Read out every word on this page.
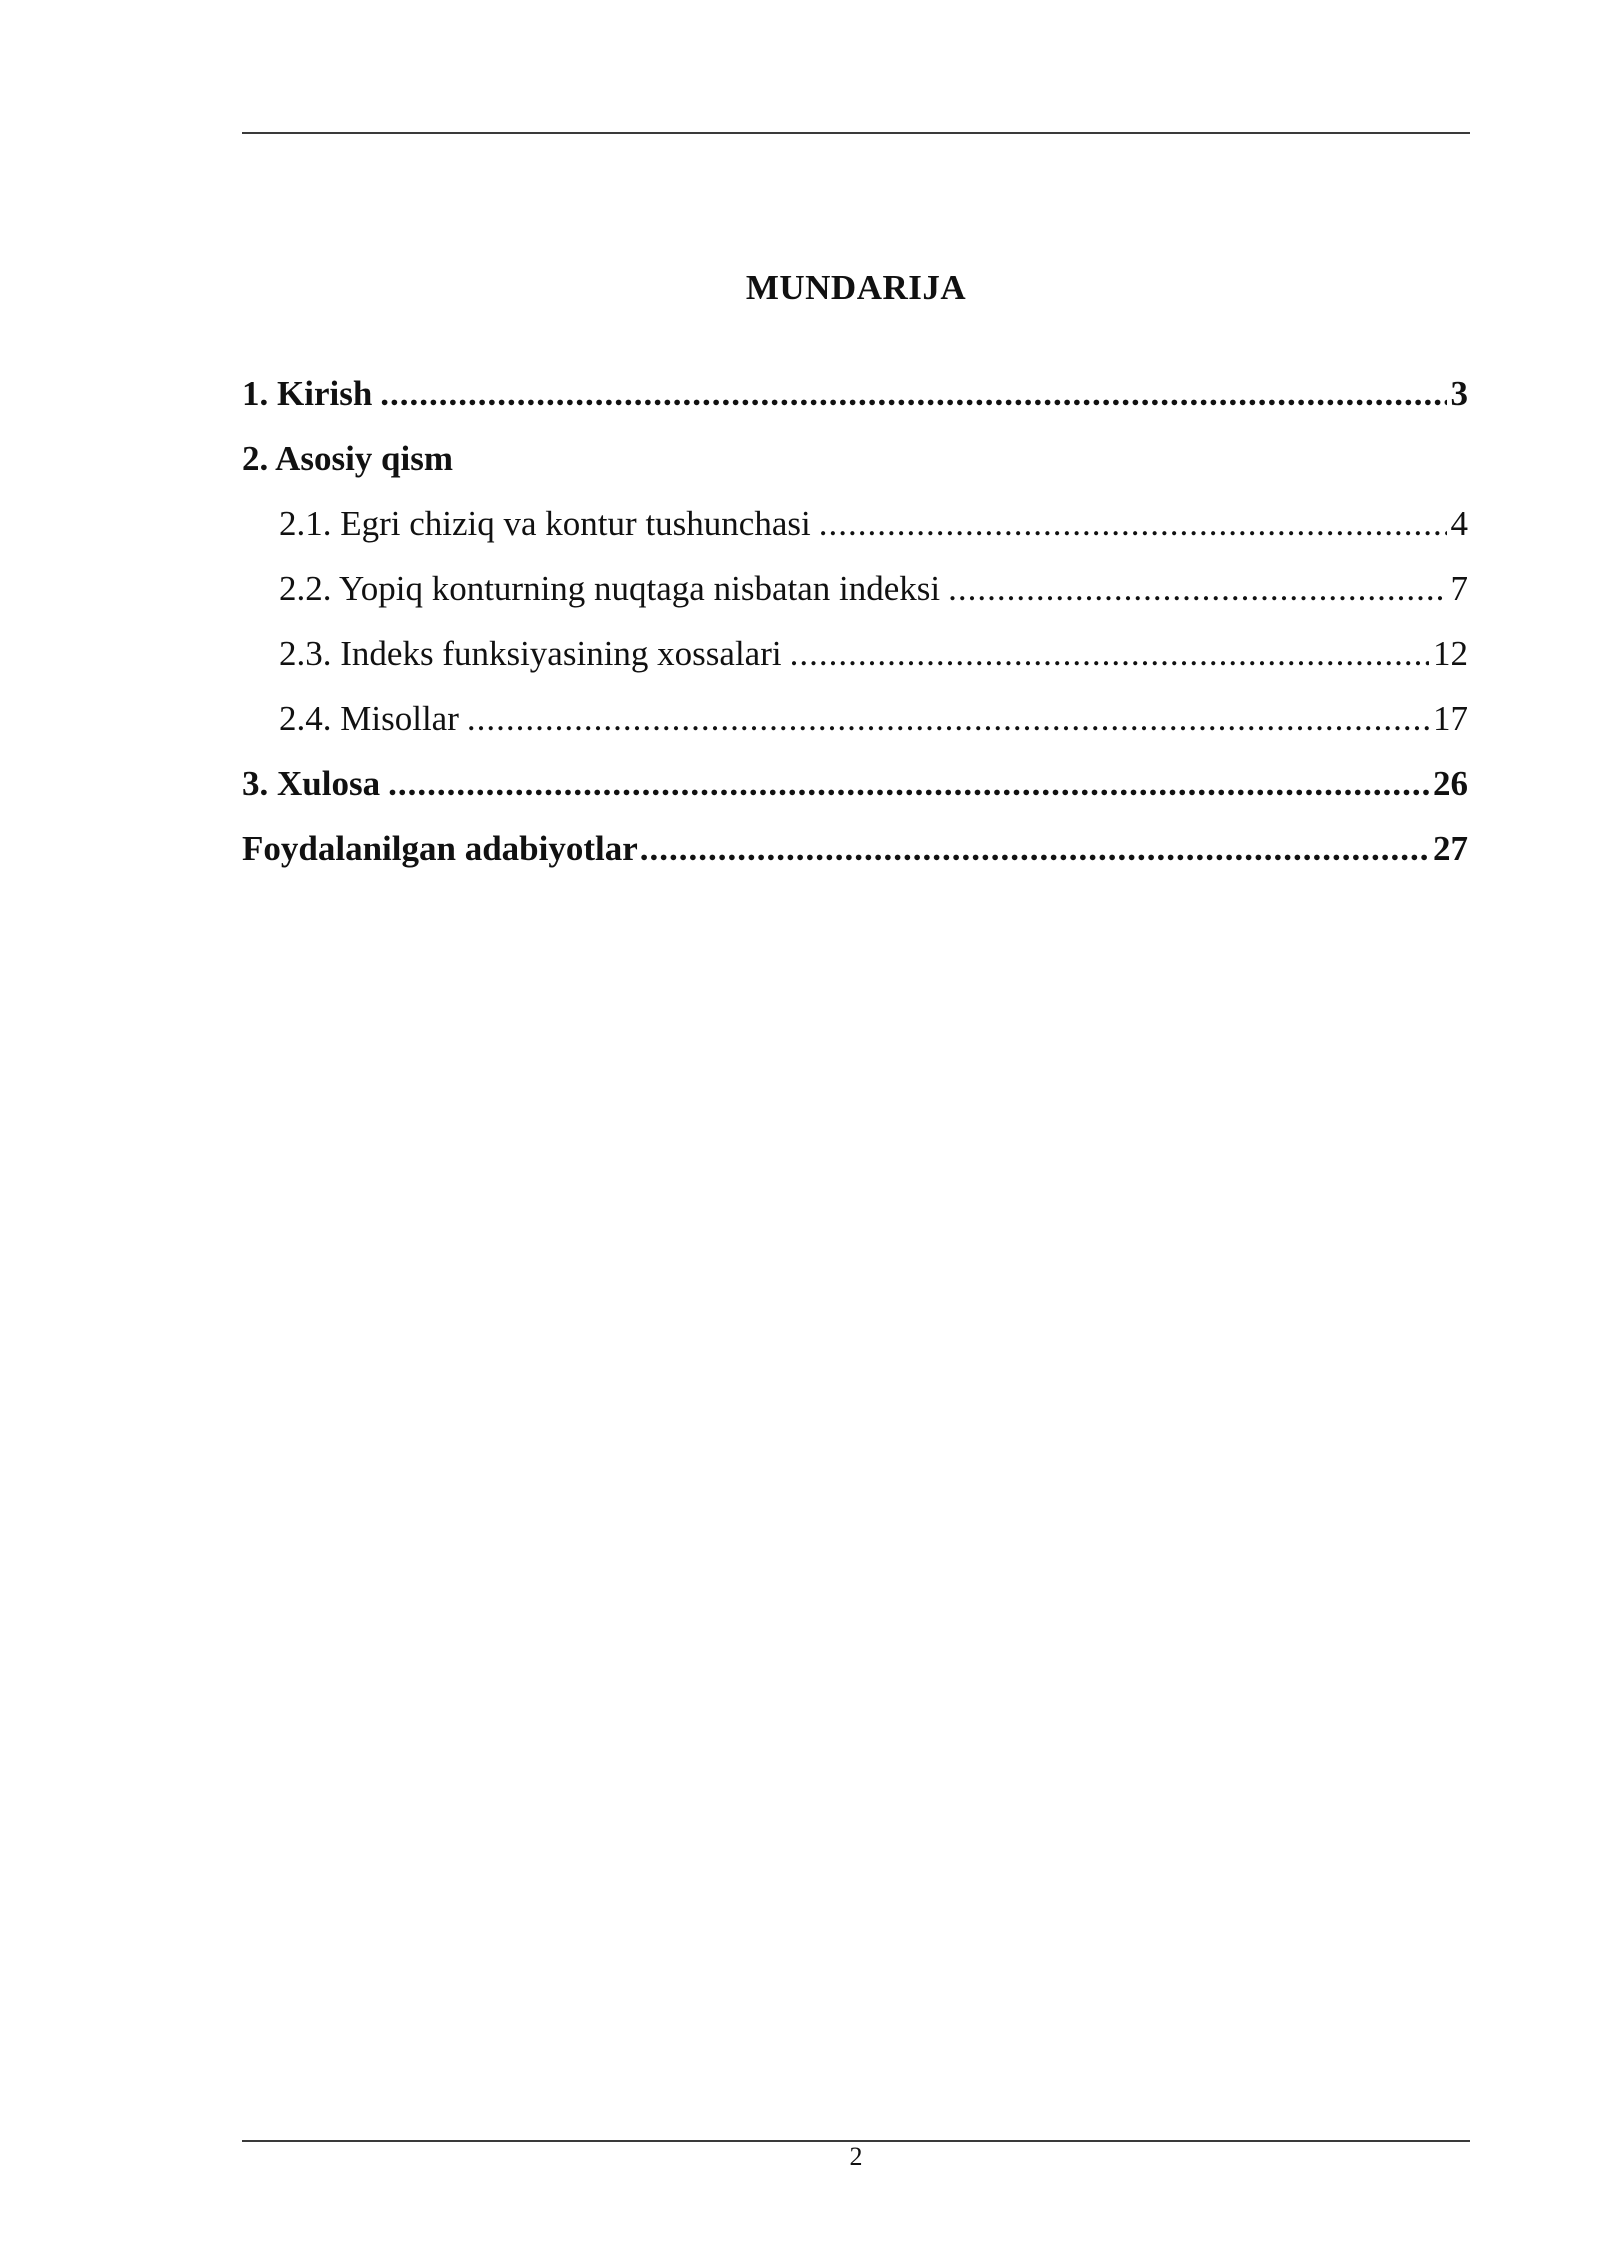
MUNDARIJA
1. Kirish .....	3
2. Asosiy qism
2.1. Egri chiziq va kontur tushunchasi .....	4
2.2. Yopiq konturning nuqtaga nisbatan indeksi .....	7
2.3. Indeks funksiyasining xossalari .....	12
2.4. Misollar .....	17
3. Xulosa .....	26
Foydalanilgan adabiyotlar .....	27
2
